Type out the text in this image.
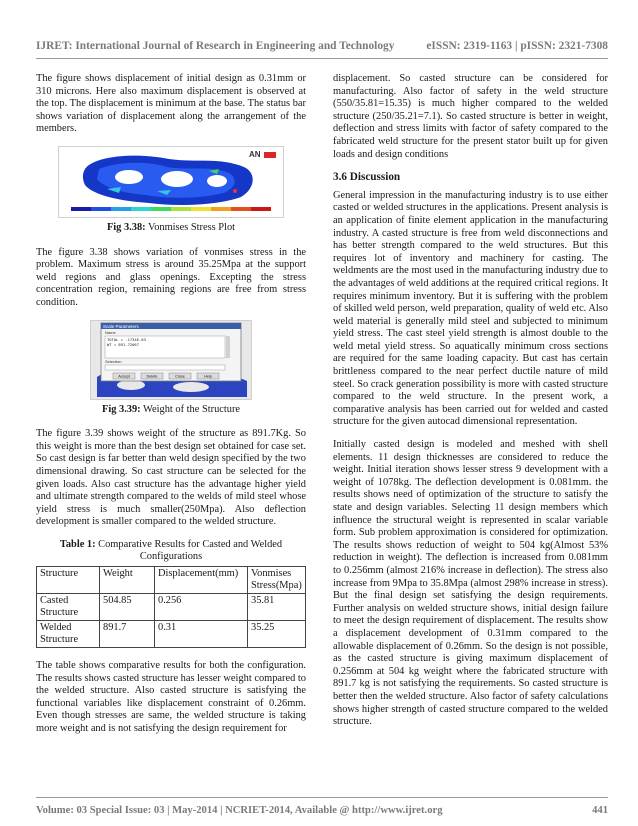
IJRET: International Journal of Research in Engineering and Technology	eISSN: 2319-1163 | pISSN: 2321-7308

The figure shows displacement of initial design as 0.31mm or 310 microns. Here also maximum displacement is observed at the top. The displacement is minimum at the base. The status bar shows variation of displacement along the arrangement of the members.

AN
Fig 3.38: Vonmises Stress Plot

The figure 3.38 shows variation of vonmises stress in the problem. Maximum stress is around 35.25Mpa at the support weld regions and glass openings. Excepting the stress concentration region, remaining regions are free from stress condition.

Scale Parameters
Name
TOTAL = .1734E-03
WT = 891.72067
Selection
Accept	Delete	Close	Help
Fig 3.39: Weight of the Structure

The figure 3.39 shows weight of the structure as 891.7Kg. So this weight is more than the best design set obtained for case set. So cast design is far better than weld design specified by the two dimensional drawing. So cast structure can be selected for the given loads. Also cast structure has the advantage higher yield and ultimate strength compared to the welds of mild steel whose yield stress is much smaller(250Mpa). Also deflection development is smaller compared to the welded structure.

Table 1: Comparative Results for Casted and Welded Configurations
Structure	Weight	Displacement(mm)	Vonmises Stress(Mpa)
Casted Structure	504.85	0.256	35.81
Welded Structure	891.7	0.31	35.25

The table shows comparative results for both the configuration. The results shows casted structure has lesser weight compared to the welded structure. Also casted structure is satisfying the functional variables like displacement constraint of 0.26mm. Even though stresses are same, the welded structure is taking more weight and is not satisfying the design requirement for

displacement. So casted structure can be considered for manufacturing. Also factor of safety in the weld structure (550/35.81=15.35) is much higher compared to the welded structure (250/35.21=7.1). So casted structure is better in weight, deflection and stress limits with factor of safety compared to the fabricated weld structure for the present stator built up for given loads and design conditions

3.6 Discussion

General impression in the manufacturing industry is to use either casted or welded structures in the applications. Present analysis is an application of finite element application in the manufacturing industry. A casted structure is free from weld disconnections and has better strength compared to the weld structures. But this requires lot of inventory and machinery for casting. The weldments are the most used in the manufacturing industry due to the advantages of weld additions at the required critical regions. It requires minimum inventory. But it is suffering with the problem of skilled weld person, weld preparation, quality of weld etc. Also weld material is generally mild steel and subjected to minimum yield stress. The cast steel yield strength is almost double to the weld metal yield stress. So aquatically minimum cross sections are required for the same loading capacity. But cast has certain brittleness compared to the near perfect ductile nature of mild steel. So crack generation possibility is more with casted structure compared to the weld structure. In the present work, a comparative analysis has been carried out for welded and casted structure for the given autocad dimensional representation.

Initially casted design is modeled and meshed with shell elements. 11 design thicknesses are considered to reduce the weight. Initial iteration shows lesser stress 9 development with a weight of 1078kg. The deflection development is 0.081mm. the results shows need of optimization of the structure to satisfy the state and design variables. Selecting 11 design members which influence the structural weight is represented in scalar variable form. Sub problem approximation is considered for optimization. The results shows reduction of weight to 504 kg(Almost 53% reduction in weight). The deflection is increased from 0.081mm to 0.256mm (almost 216% increase in deflection). The stress also increase from 9Mpa to 35.8Mpa (almost 298% increase in stress). But the final design set satisfying the design requirements. Further analysis on welded structure shows, initial design failure to meet the design requirement of displacement. The results show a displacement development of 0.31mm compared to the allowable displacement of 0.26mm. So the design is not possible, as the casted structure is giving maximum displacement of 0.256mm at 504 kg weight where the fabricated structure with 891.7 kg is not satisfying the requirements. So casted structure is better then the welded structure. Also factor of safety calculations shows higher strength of casted structure compared to the welded structure.

Volume: 03 Special Issue: 03 | May-2014 | NCRIET-2014, Available @ http://www.ijret.org	441
